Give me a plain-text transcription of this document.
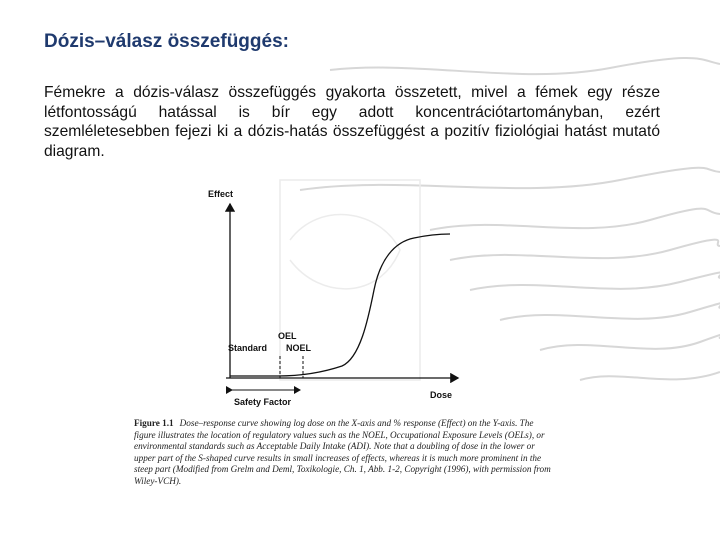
Dózis–válasz összefüggés:
Fémekre a dózis-válasz összefüggés gyakorta összetett, mivel a fémek egy része létfontosságú hatással is bír egy adott koncentrációtartományban, ezért szemléletesebben fejezi ki a dózis-hatás összefüggést a pozitív fiziológiai hatást mutató diagram.
Effect
Dose
OEL
Standard NOEL
Safety Factor
Figure 1.1 Dose–response curve showing log dose on the X-axis and % response (Effect) on the Y-axis. The figure illustrates the location of regulatory values such as the NOEL, Occupational Exposure Levels (OELs), or environmental standards such as Acceptable Daily Intake (ADI). Note that a doubling of dose in the lower or upper part of the S-shaped curve results in small increases of effects, whereas it is much more prominent in the steep part (Modified from Grelm and Deml, Toxikologie, Ch. 1, Abb. 1-2, Copyright (1996), with permission from Wiley-VCH).
